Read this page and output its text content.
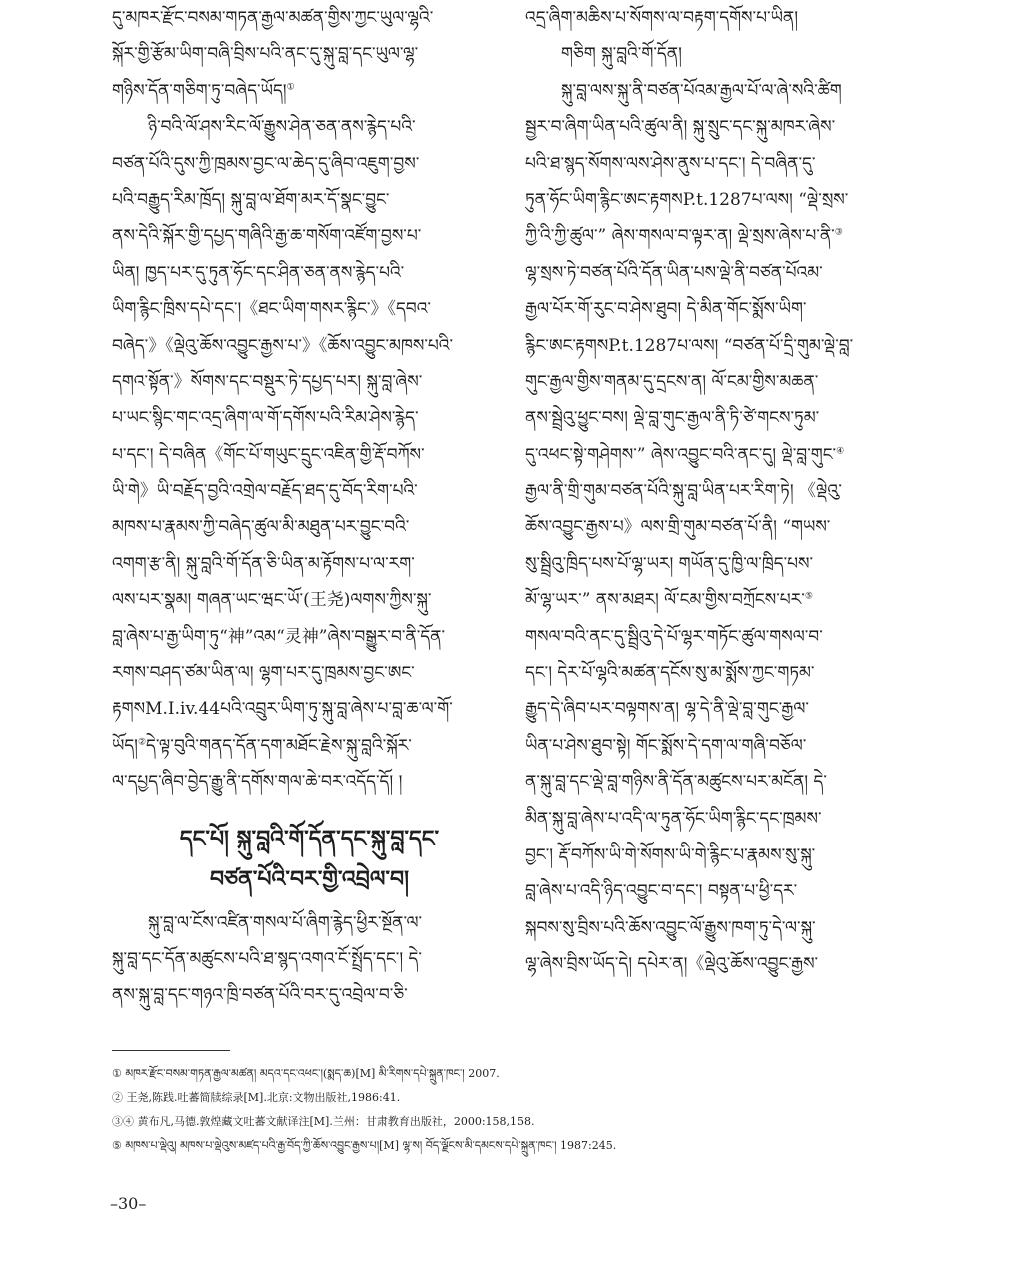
དུ་མཁར་རྫོང་བསམ་གཏན་རྒྱལ་མཚན་གྱིས་ཀྱང་ཡུལ་ལྷའི་
སྐོར་གྱི་རྩོམ་ཡིག་བཞི་བྲིས་པའི་ནང་དུ་སྐུ་བླ་དང་ཡུལ་ལྷ་
གཉིས་དོན་གཅིག་ཏུ་བཞེད་ཡོད།①
ཉི་བའི་ལོ་ཤས་རིང་ལོ་རྒྱུས་ཤེན་ཅན་ནས་རྙེད་པའི་
བཙན་པོའི་དུས་ཀྱི་ཁྲམས་བྱང་ལ་ཆེད་དུ་ཞིབ་འཇུག་བྱས་
པའི་བརྒྱུད་རིམ་ཁྲོད། སྐུ་བླ་ལ་ཐོག་མར་དོ་སྣང་བྱུང་
ནས་དེའི་སྐོར་གྱི་དཔྱད་གཞིའི་རྒྱ་ཆ་གསོག་འཛོག་བྱས་པ་
ཡིན། ཁྱད་པར་དུ་ཏུན་ཧོང་དང་ཤིན་ཅན་ནས་རྙེད་པའི་
ཡིག་རྙིང་ཁྲིས་དཔེ་དང་།《ཐང་ཡིག་གསར་རྙིང་》《དབའ་
བཞེད་》《ལྡེའུ་ཆོས་འབྱུང་རྒྱས་པ་》《ཆོས་འབྱུང་མཁས་པའི་
དགའ་སྟོན་》སོགས་དང་བསྡུར་ཏེ་དཔྱད་པར། སྐུ་བླ་ཞེས་
པ་ཡང་སྙིང་གང་འདྲ་ཞིག་ལ་གོ་དགོས་པའི་རིམ་ཤེས་རྙེད་
པ་དང་། དེ་བཞིན《གོང་པོ་གཡུང་དྲུང་འཇིན་གྱི་རྡོ་བཀོས་
ཡི་གེ》ཡི་བརྗོད་བྱའི་འགྲེལ་བརྗོད་ཐད་དུ་བོད་རིག་པའི་
མཁས་པ་རྣམས་ཀྱི་བཞེད་ཚུལ་མི་མཐུན་པར་བྱུང་བའི་
འགག་རྩ་ནི། སྐུ་བླའི་གོ་དོན་ཅི་ཡིན་མ་རྟོགས་པ་ལ་རག་
ལས་པར་སྣམ། གཞན་ཡང་ཝང་ཡོ་(王尧)ལགས་ཀྱིས་སྐུ་
བླ་ཞེས་པ་རྒྱ་ཡིག་ཏུ“神”འམ“灵神”ཞེས་བསྒྱུར་བ་ནི་དོན་
རགས་བཤད་ཙམ་ཡིན་ལ། ལྷག་པར་དུ་ཁྲམས་བྱང་ཨང་
རྟགསM.I.iv.44པའི་འབྲུར་ཡིག་ཏུ་སྐུ་བླ་ཞེས་པ་བླ་ཆ་ལ་གོ་
ཡོད།②དེ་ལྟ་བུའི་གནད་དོན་དག་མཐོང་རྗེས་སྐུ་བླའི་སྐོར་
ལ་དཔྱད་ཞིབ་བྱེད་རྒྱུ་ནི་དགོས་གལ་ཆེ་བར་འདོད་དོ། །
དང་པོ། སྐུ་བླའི་གོ་དོན་དང་སྐུ་བླ་དང་
བཙན་པོའི་བར་གྱི་འབྲེལ་བ།
སྐུ་བླ་ལ་ངོས་འཛིན་གསལ་པོ་ཞིག་རྙེད་ཕྱིར་སྔོན་ལ་
སྐུ་བླ་དང་དོན་མཚུངས་པའི་ཐ་སྙད་འགའ་ངོ་སྤྲོད་དང་། དེ་
ནས་སྐུ་བླ་དང་གཉའ་ཁྲི་བཙན་པོའི་བར་དུ་འབྲེལ་བ་ཅི་
འདྲ་ཞིག་མཆིས་པ་སོགས་ལ་བརྟག་དགོས་པ་ཡིན།
གཅིག སྐུ་བླའི་གོ་དོན།
སྐུ་བླ་ལས་སྐུ་ནི་བཙན་པོའམ་རྒྱལ་པོ་ལ་ཞེ་སའི་ཚིག
སྦྱར་བ་ཞིག་ཡིན་པའི་ཚུལ་ནི། སྐུ་སྲུང་དང་སྐུ་མཁར་ཞེས་
པའི་ཐ་སྙད་སོགས་ལས་ཤེས་ནུས་པ་དང་། དེ་བཞིན་དུ་
ཏུན་ཧོང་ཡིག་རྙིང་ཨང་རྟགསP.t.1287པ་ལས། “ལྡེ་སྲས་
ཀྱི་འི་ཀྱི་ཚུལ་” ཞེས་གསལ་བ་ལྟར་ན། ལྡེ་སྲས་ཞེས་པ་ནི་③
ལྷ་སྲས་ཏེ་བཙན་པོའི་དོན་ཡིན་པས་ལྡེ་ནི་བཙན་པོའམ་
རྒྱལ་པོར་གོ་རུང་བ་ཤེས་ཐུབ། དེ་མིན་གོང་སྨོས་ཡིག་
རྙིང་ཨང་རྟགསP.t.1287པ་ལས། “བཙན་པོ་དྲི་གུམ་ལྡེ་བླ་
གུང་རྒྱལ་གྱིས་གནམ་དུ་དྲངས་ན། ལོ་ངམ་གྱིས་མཆན་
ནས་སྦྲེའུ་ཕྱུང་བས། ལྡེ་བླ་གུང་རྒྱལ་ནི་ཏི་ཙེ་གངས་ཏུམ་
དུ་འཕང་སྟེ་གཤེགས་” ཞེས་འབྱུང་བའི་ནང་དུ། ལྡེ་བླ་གུང་④
རྒྱལ་ནི་གྲི་གུམ་བཙན་པོའི་སྐུ་བླ་ཡིན་པར་རིག་ཏེ། 《ལྡེའུ་
ཆོས་འབྱུང་རྒྱས་པ》ལས་གྲི་གུམ་བཙན་པོ་ནི། “གཡས་
སུ་སྦྲིའུ་ཁྲིད་པས་པོ་ལྷ་ཡར། གཡོན་དུ་ཁྱི་ལ་ཁྲིད་པས་
མོ་ལྷ་ཡར་” ནས་མཐར། ལོ་ངམ་གྱིས་བཀྲོངས་པར་⑤
གསལ་བའི་ནང་དུ་སྦྲིའུ་དེ་པོ་ལྷར་གཏོང་ཚུལ་གསལ་བ་
དང་། དེར་པོ་ལྷའི་མཚན་དངོས་སུ་མ་སྨོས་ཀྱང་གཏམ་
རྒྱུད་དེ་ཞིབ་པར་བལྟགས་ན། ལྷ་དེ་ནི་ལྡེ་བླ་གུང་རྒྱལ་
ཡིན་པ་ཤེས་ཐུབ་སྟེ། གོང་སྨོས་དེ་དག་ལ་གཞི་བཅོལ་
ན་སྐུ་བླ་དང་ལྡེ་བླ་གཉིས་ནི་དོན་མཚུངས་པར་མངོན། དེ་
མིན་སྐུ་བླ་ཞེས་པ་འདི་ལ་ཏུན་ཧོང་ཡིག་རྙིང་དང་ཁྲམས་
བྱང་། རྡོ་བཀོས་ཡི་གེ་སོགས་ཡི་གེ་རྙིང་པ་རྣམས་སུ་སྐུ་
བླ་ཞེས་པ་འདི་ཉིད་འབྱུང་བ་དང་། བསྟན་པ་ཕྱི་དར་
སྐབས་སུ་བྲིས་པའི་ཆོས་འབྱུང་ལོ་རྒྱུས་ཁག་ཏུ་དེ་ལ་སྐུ་
ལྷ་ཞེས་བྲིས་ཡོད་དེ། དཔེར་ན།《ལྡེའུ་ཆོས་འབྱུང་རྒྱས་
① མཁར་རྫོང་བསམ་གཏན་རྒྱལ་མཚན། མདའ་དང་འཕང་།(སྨད་ཆ)[M] མི་རིགས་དཔེ་སྐྲུན་ཁང་། 2007.
② 王尧,陈践.吐蕃简牍综录[M].北京:文物出版社,1986:41.
③④ 黄布凡,马德.敦煌藏文吐蕃文献译注[M].兰州：甘肃教育出版社，2000:158,158.
⑤ མཁས་པ་ལྡེའུ། མཁས་པ་ལྡེའུས་མཛད་པའི་རྒྱ་བོད་ཀྱི་ཆོས་འབྱུང་རྒྱས་པ།[M] ལྷ་ས། བོད་ལྗོངས་མི་དམངས་དཔེ་སྐྲུན་ཁང་། 1987:245.
–30–
